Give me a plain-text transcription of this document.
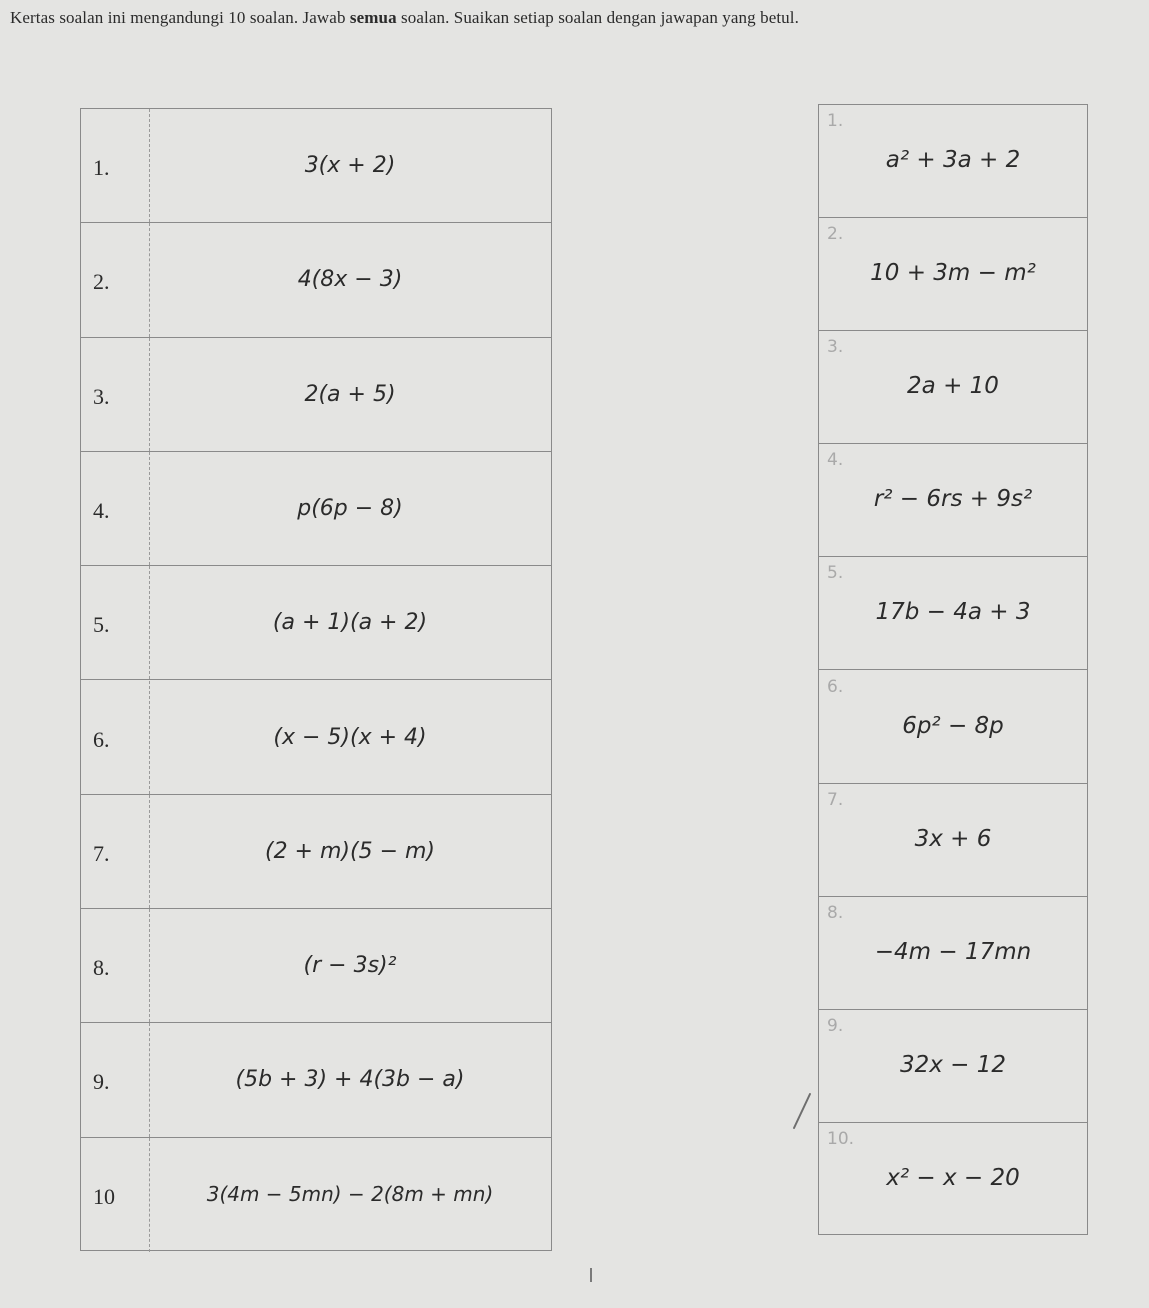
Kertas soalan ini mengandungi 10 soalan. Jawab semua soalan. Suaikan setiap soalan dengan jawapan yang betul.
1.	3(x + 2)
2.	4(8x − 3)
3.	2(a + 5)
4.	p(6p − 8)
5.	(a + 1)(a + 2)
6.	(x − 5)(x + 4)
7.	(2 + m)(5 − m)
8.	(r − 3s)²
9.	(5b + 3) + 4(3b − a)
10	3(4m − 5mn) − 2(8m + mn)
1.
a² + 3a + 2
2.
10 + 3m − m²
3.
2a + 10
4.
r² − 6rs + 9s²
5.
17b − 4a + 3
6.
6p² − 8p
7.
3x + 6
8.
−4m − 17mn
9.
32x − 12
10.
x² − x − 20
